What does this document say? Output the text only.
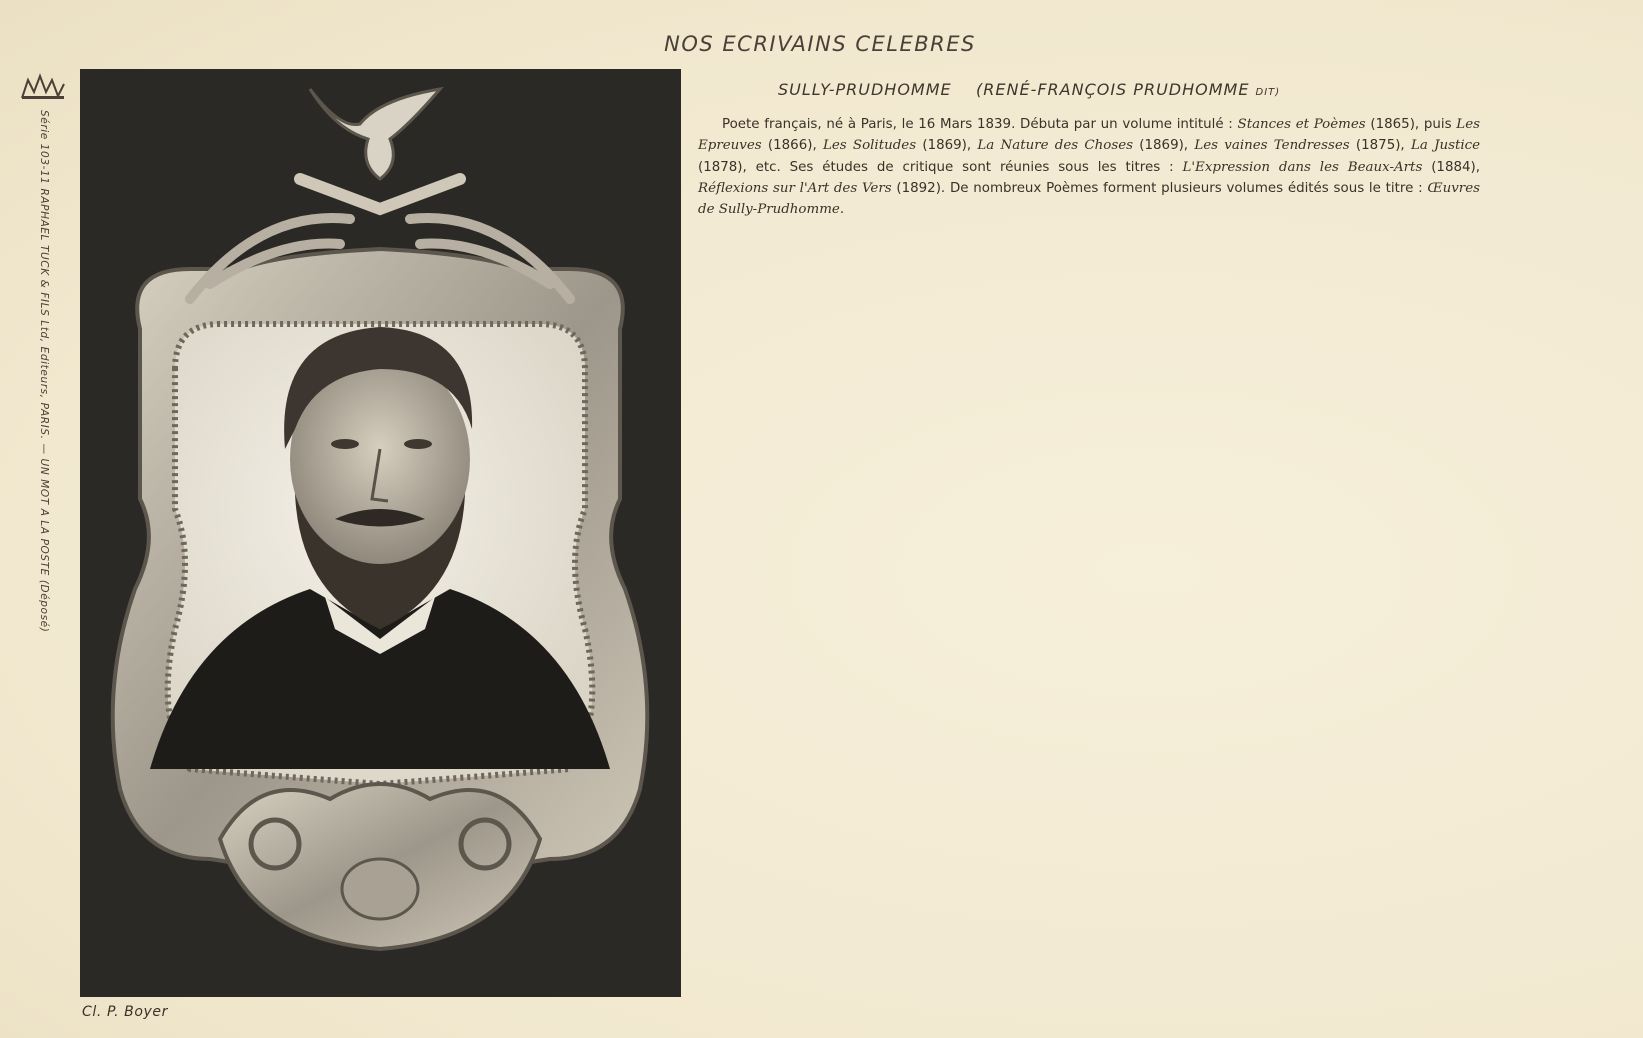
NOS ECRIVAINS CELEBRES
Série 103-11 RAPHAEL TUCK & FILS Ltd, Editeurs, PARIS. — UN MOT A LA POSTE (Déposé)
Cl. P. Boyer
SULLY-PRUDHOMME (RENÉ-FRANÇOIS PRUDHOMME DIT)
Poete français, né à Paris, le 16 Mars 1839. Débuta par un volume intitulé : Stances et Poèmes (1865), puis Les Epreuves (1866), Les Solitudes (1869), La Nature des Choses (1869), Les vaines Tendresses (1875), La Justice (1878), etc. Ses études de critique sont réunies sous les titres : L'Expression dans les Beaux-Arts (1884), Réflexions sur l'Art des Vers (1892). De nombreux Poèmes forment plusieurs volumes édités sous le titre : Œuvres de Sully-Prudhomme.
